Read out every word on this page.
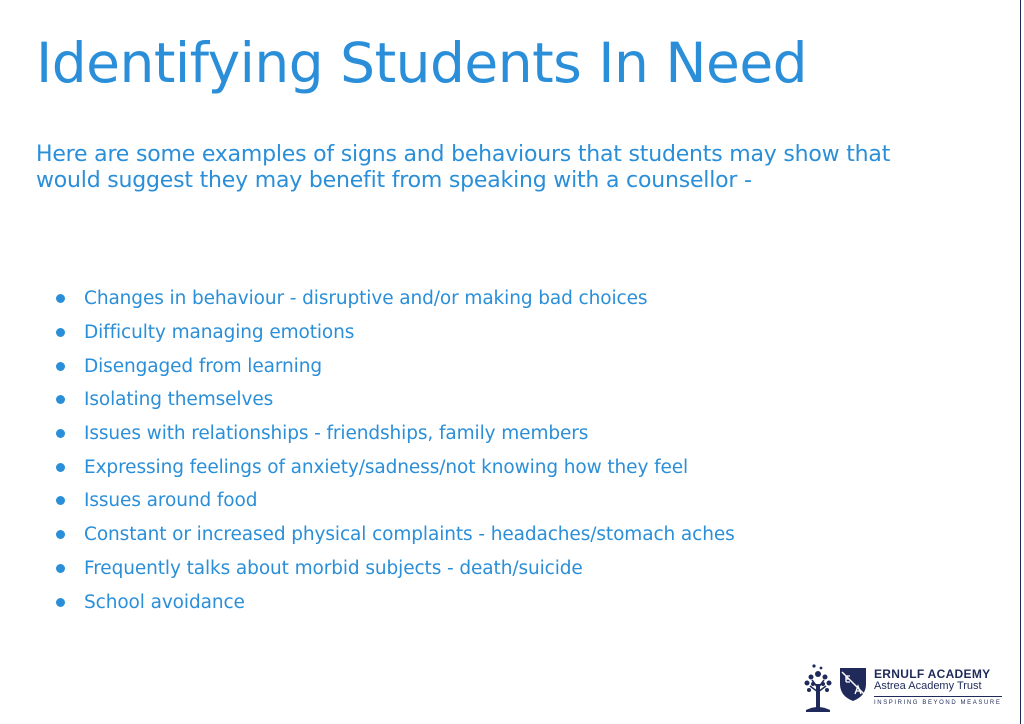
Identifying Students In Need

Here are some examples of signs and behaviours that students may show that would suggest they may benefit from speaking with a counsellor -

Changes in behaviour - disruptive and/or making bad choices
Difficulty managing emotions
Disengaged from learning
Isolating themselves
Issues with relationships - friendships, family members
Expressing feelings of anxiety/sadness/not knowing how they feel
Issues around food
Constant or increased physical complaints - headaches/stomach aches
Frequently talks about morbid subjects - death/suicide
School avoidance
ERNULF ACADEMY
Astrea Academy Trust
INSPIRING BEYOND MEASURE
